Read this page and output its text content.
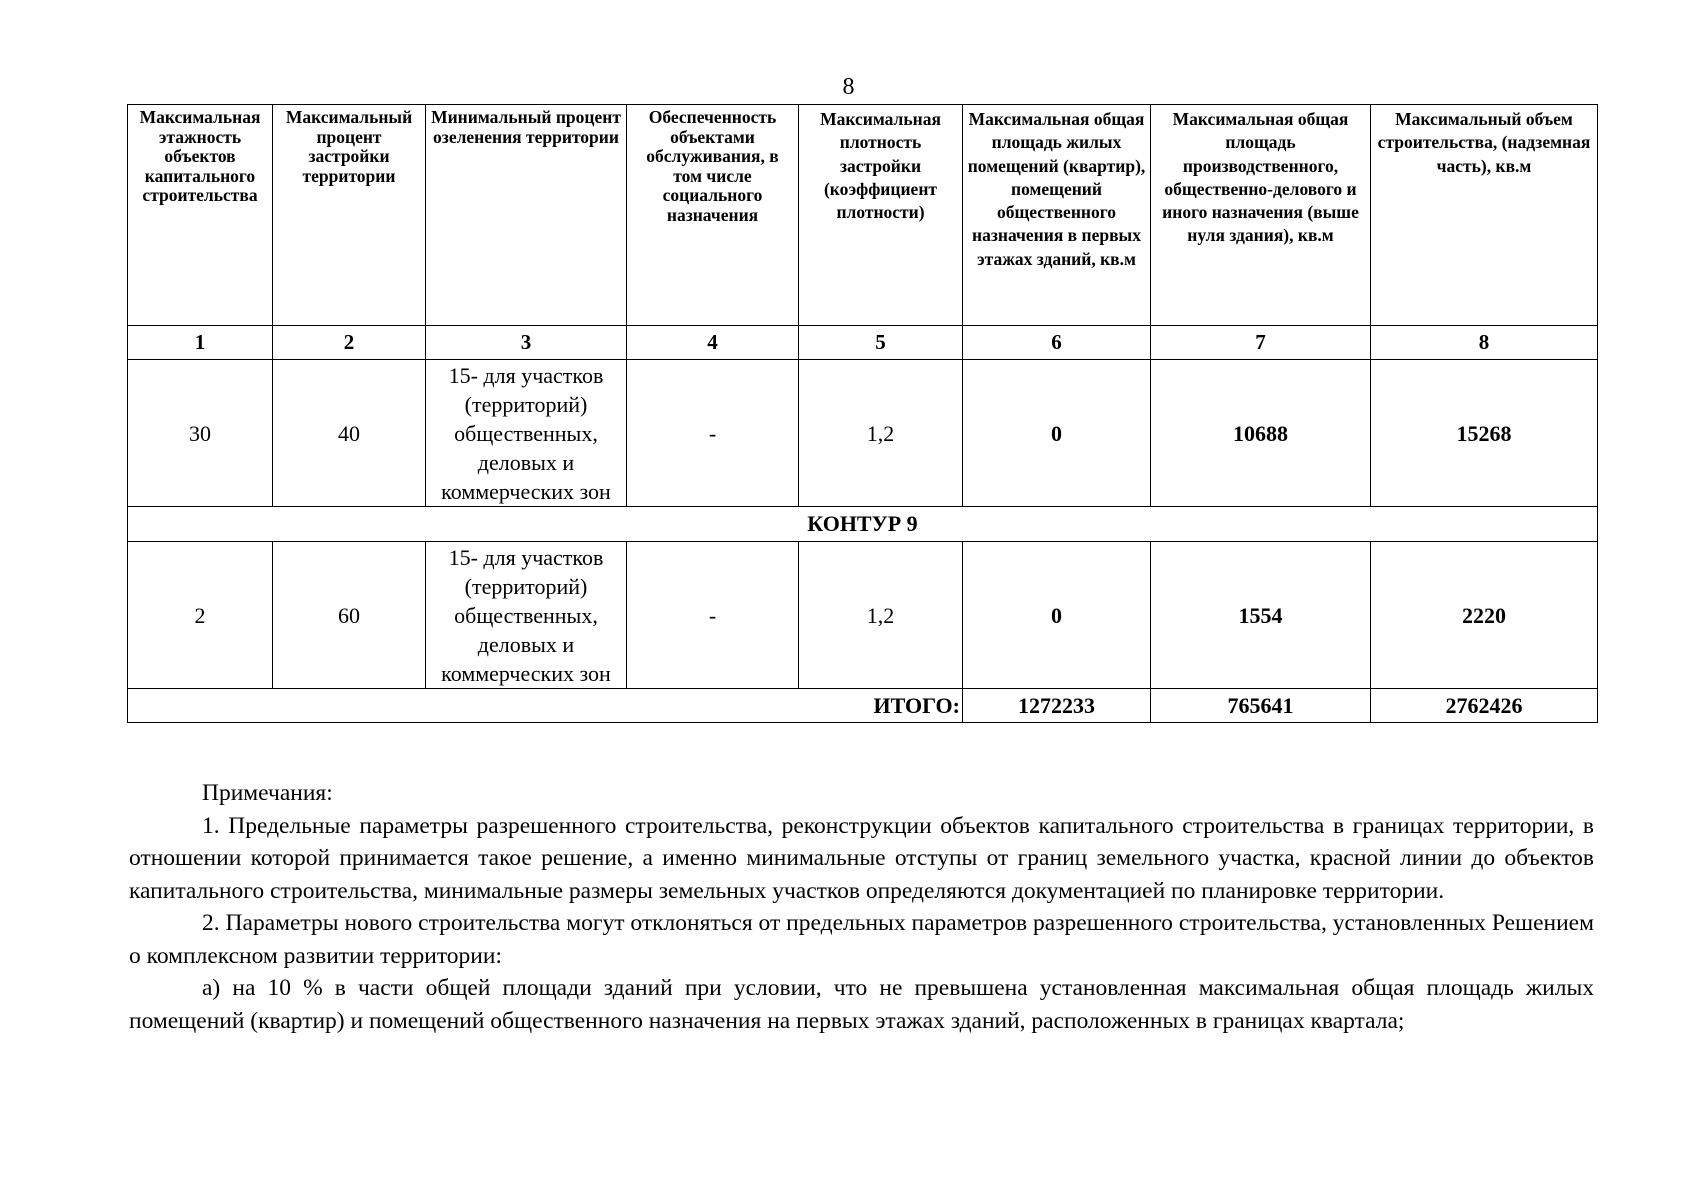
8
Максимальная этажность объектов капитального строительства	Максимальный процент застройки территории	Минимальный процент озеленения территории	Обеспеченность объектами обслуживания, в том числе социального назначения	Максимальная плотность застройки (коэффициент плотности)	Максимальная общая площадь жилых помещений (квартир), помещений общественного назначения в первых этажах зданий, кв.м	Максимальная общая площадь производственного, общественно-делового и иного назначения (выше нуля здания), кв.м	Максимальный объем строительства, (надземная часть), кв.м
1	2	3	4	5	6	7	8
30	40	15- для участков (территорий) общественных, деловых и коммерческих зон	-	1,2	0	10688	15268
КОНТУР 9							
2	60	15- для участков (территорий) общественных, деловых и коммерческих зон	-	1,2	0	1554	2220
ИТОГО:					1272233	765641	2762426

Примечания:

1. Предельные параметры разрешенного строительства, реконструкции объектов капитального строительства в границах территории, в отношении которой принимается такое решение, а именно минимальные отступы от границ земельного участка, красной линии до объектов капитального строительства, минимальные размеры земельных участков определяются документацией по планировке территории.

2. Параметры нового строительства могут отклоняться от предельных параметров разрешенного строительства, установленных Решением о комплексном развитии территории:

а) на 10 % в части общей площади зданий при условии, что не превышена установленная максимальная общая площадь жилых помещений (квартир) и помещений общественного назначения на первых этажах зданий, расположенных в границах квартала;
